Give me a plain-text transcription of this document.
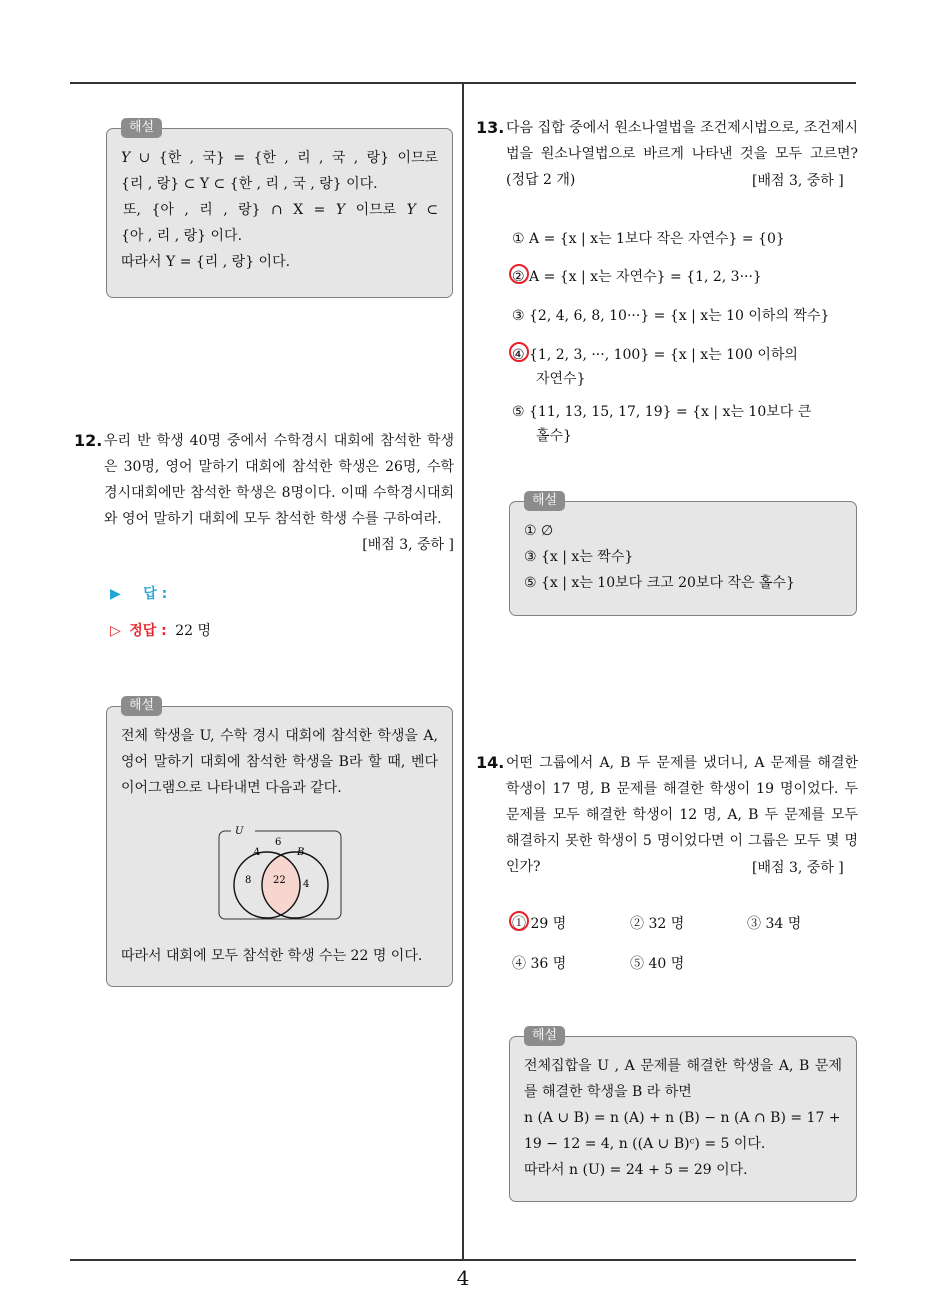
해설

Y ∪ {한 , 국} = {한 , 리 , 국 , 랑} 이므로

{리 , 랑} ⊂ Y ⊂ {한 , 리 , 국 , 랑} 이다.

또, {아 , 리 , 랑} ∩ X = Y 이므로 Y ⊂

{아 , 리 , 랑} 이다.

따라서 Y = {리 , 랑} 이다.

12. 우리 반 학생 40명 중에서 수학경시 대회에 참석한 학생은 30명, 영어 말하기 대회에 참석한 학생은 26명, 수학 경시대회에만 참석한 학생은 8명이다. 이때 수학경시대회와 영어 말하기 대회에 모두 참석한 학생 수를 구하여라.

[배점 3, 중하 ]

▶ 답 :
▷ 정답 : 22 명
해설

전체 학생을 U, 수학 경시 대회에 참석한 학생을 A, 영어 말하기 대회에 참석한 학생을 B라 할 때, 벤다이어그램으로 나타내면 다음과 같다.

U
6
A	B
8 22 4

따라서 대회에 모두 참석한 학생 수는 22 명 이다.

13. 다음 집합 중에서 원소나열법을 조건제시법으로, 조건제시법을 원소나열법으로 바르게 나타낸 것을 모두 고르면? (정답 2 개)	[배점 3, 중하 ]
① A = {x | x는 1보다 작은 자연수} = {0}
② A = {x | x는 자연수} = {1, 2, 3···}
③ {2, 4, 6, 8, 10···} = {x | x는 10 이하의 짝수}
④ {1, 2, 3, ···, 100} = {x | x는 100 이하의
자연수}
⑤ {11, 13, 15, 17, 19} = {x | x는 10보다 큰
홀수}
해설

① ∅

③ {x | x는 짝수}

⑤ {x | x는 10보다 크고 20보다 작은 홀수}

14. 어떤 그룹에서 A, B 두 문제를 냈더니, A 문제를 해결한 학생이 17 명, B 문제를 해결한 학생이 19 명이었다. 두 문제를 모두 해결한 학생이 12 명, A, B 두 문제를 모두 해결하지 못한 학생이 5 명이었다면 이 그룹은 모두 몇 명인가?	[배점 3, 중하 ]
① 29 명	② 32 명	③ 34 명
④ 36 명	⑤ 40 명
해설

전체집합을 U , A 문제를 해결한 학생을 A, B 문제를 해결한 학생을 B 라 하면

n (A ∪ B) = n (A) + n (B) − n (A ∩ B) = 17 +

19 − 12 = 4, n ((A ∪ B)ᶜ) = 5 이다.

따라서 n (U) = 24 + 5 = 29 이다.

4
